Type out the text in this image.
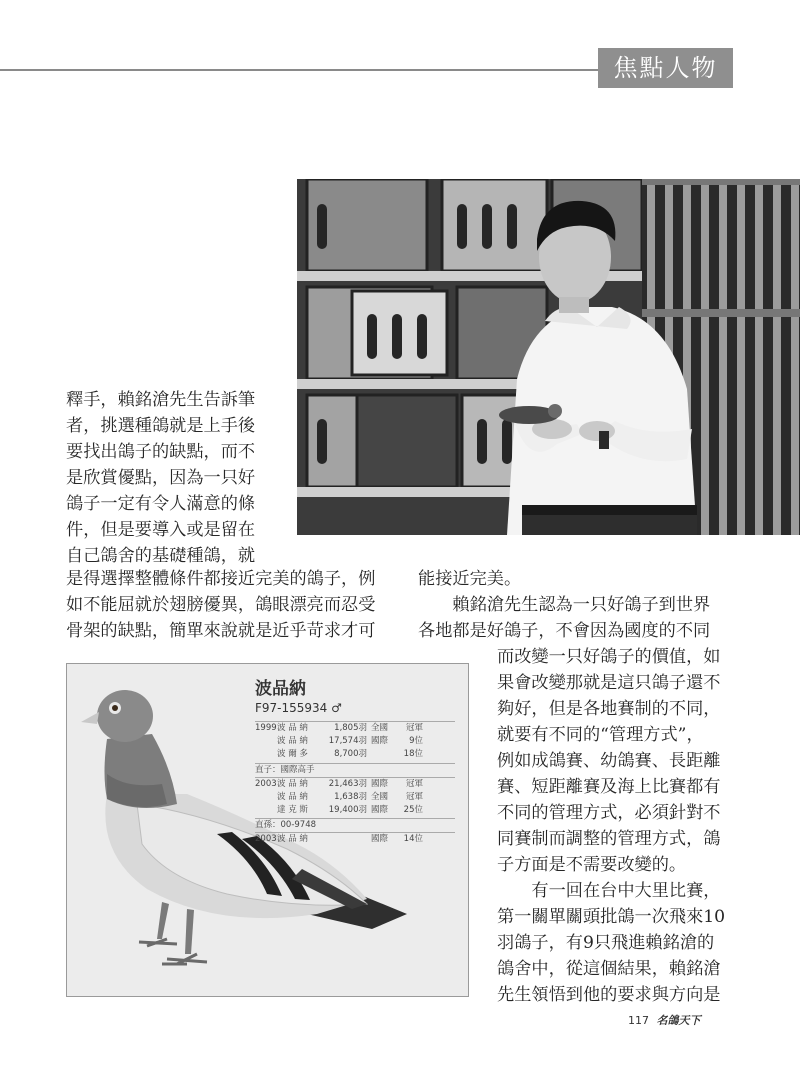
焦點人物

釋手，賴銘滄先生告訴筆

者，挑選種鴿就是上手後

要找出鴿子的缺點，而不

是欣賞優點，因為一只好

鴿子一定有令人滿意的條

件，但是要導入或是留在

自己鴿舍的基礎種鴿，就

是得選擇整體條件都接近完美的鴿子，例

如不能屈就於翅膀優異，鴿眼漂亮而忍受

骨架的缺點，簡單來說就是近乎苛求才可

能接近完美。

賴銘滄先生認為一只好鴿子到世界

各地都是好鴿子，不會因為國度的不同

而改變一只好鴿子的價值，如

果會改變那就是這只鴿子還不

夠好，但是各地賽制的不同，

就要有不同的“管理方式”，

例如成鴿賽、幼鴿賽、長距離

賽、短距離賽及海上比賽都有

不同的管理方式，必須針對不

同賽制而調整的管理方式，鴿

子方面是不需要改變的。

有一回在台中大里比賽，

第一關單關頭批鴿一次飛來10

羽鴿子，有9只飛進賴銘滄的

鴿舍中，從這個結果，賴銘滄

先生領悟到他的要求與方向是

波品納
F97-155934 ♂
1999 波 品 納	1,805羽 全國	冠軍
波 品 納	17,574羽 國際	9位
波 爾 多	8,700羽	18位
直子：國際高手
2003 波 品 納	21,463羽 國際	冠軍
波 品 納	1,638羽 全國	冠軍
達 克 斯	19,400羽 國際	25位
直孫：00-9748
2003 波 品 納	國際	14位
117 名鴿天下
